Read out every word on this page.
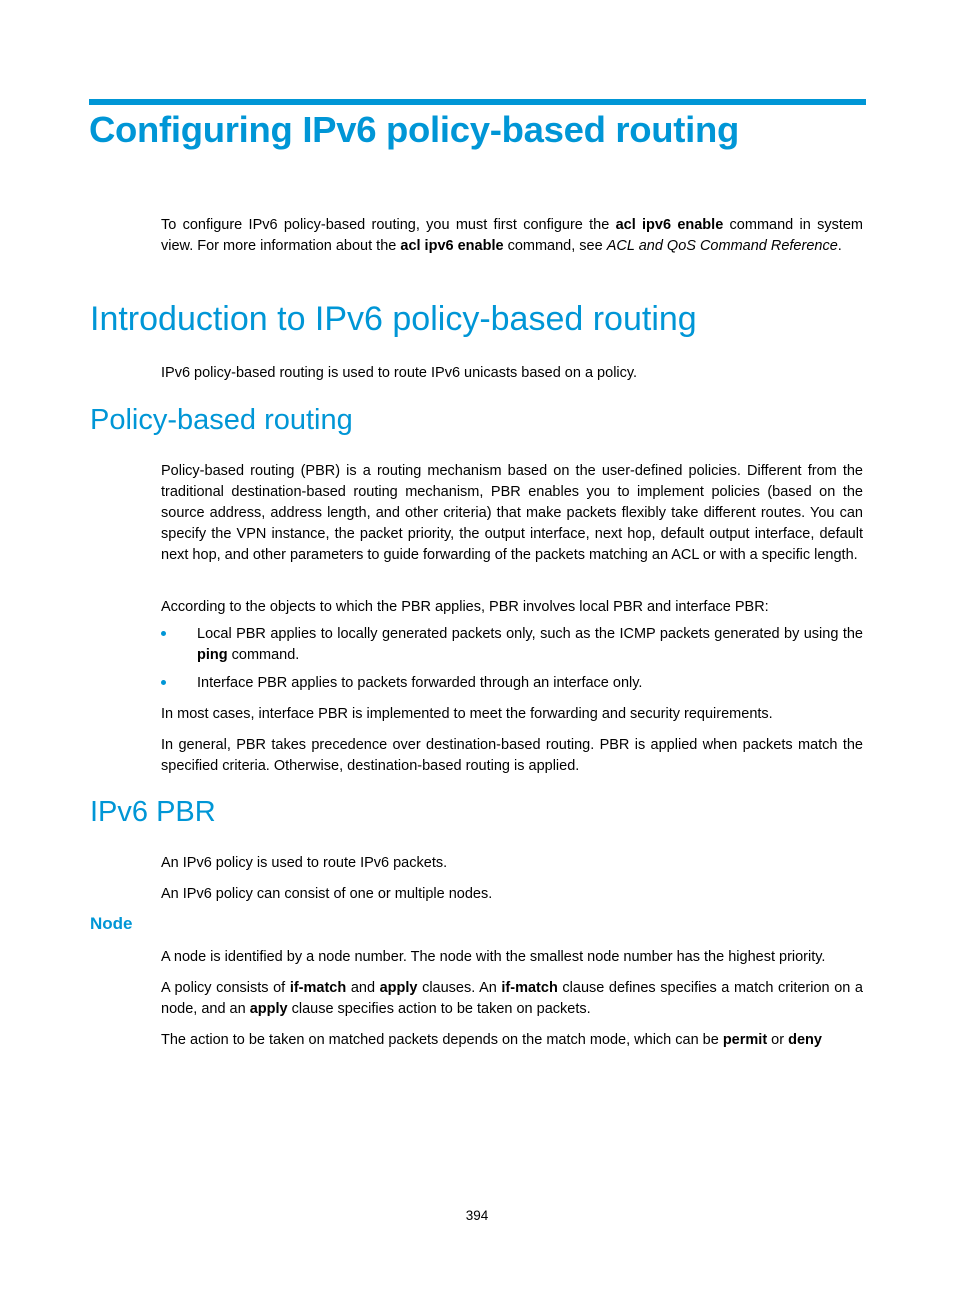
Configuring IPv6 policy-based routing

To configure IPv6 policy-based routing, you must first configure the acl ipv6 enable command in system view. For more information about the acl ipv6 enable command, see ACL and QoS Command Reference.

Introduction to IPv6 policy-based routing

IPv6 policy-based routing is used to route IPv6 unicasts based on a policy.

Policy-based routing

Policy-based routing (PBR) is a routing mechanism based on the user-defined policies. Different from the traditional destination-based routing mechanism, PBR enables you to implement policies (based on the source address, address length, and other criteria) that make packets flexibly take different routes. You can specify the VPN instance, the packet priority, the output interface, next hop, default output interface, default next hop, and other parameters to guide forwarding of the packets matching an ACL or with a specific length.

According to the objects to which the PBR applies, PBR involves local PBR and interface PBR:

Local PBR applies to locally generated packets only, such as the ICMP packets generated by using the ping command.
Interface PBR applies to packets forwarded through an interface only.

In most cases, interface PBR is implemented to meet the forwarding and security requirements.

In general, PBR takes precedence over destination-based routing. PBR is applied when packets match the specified criteria. Otherwise, destination-based routing is applied.

IPv6 PBR

An IPv6 policy is used to route IPv6 packets.

An IPv6 policy can consist of one or multiple nodes.

Node

A node is identified by a node number. The node with the smallest node number has the highest priority.

A policy consists of if-match and apply clauses. An if-match clause defines specifies a match criterion on a node, and an apply clause specifies action to be taken on packets.

The action to be taken on matched packets depends on the match mode, which can be permit or deny

394
